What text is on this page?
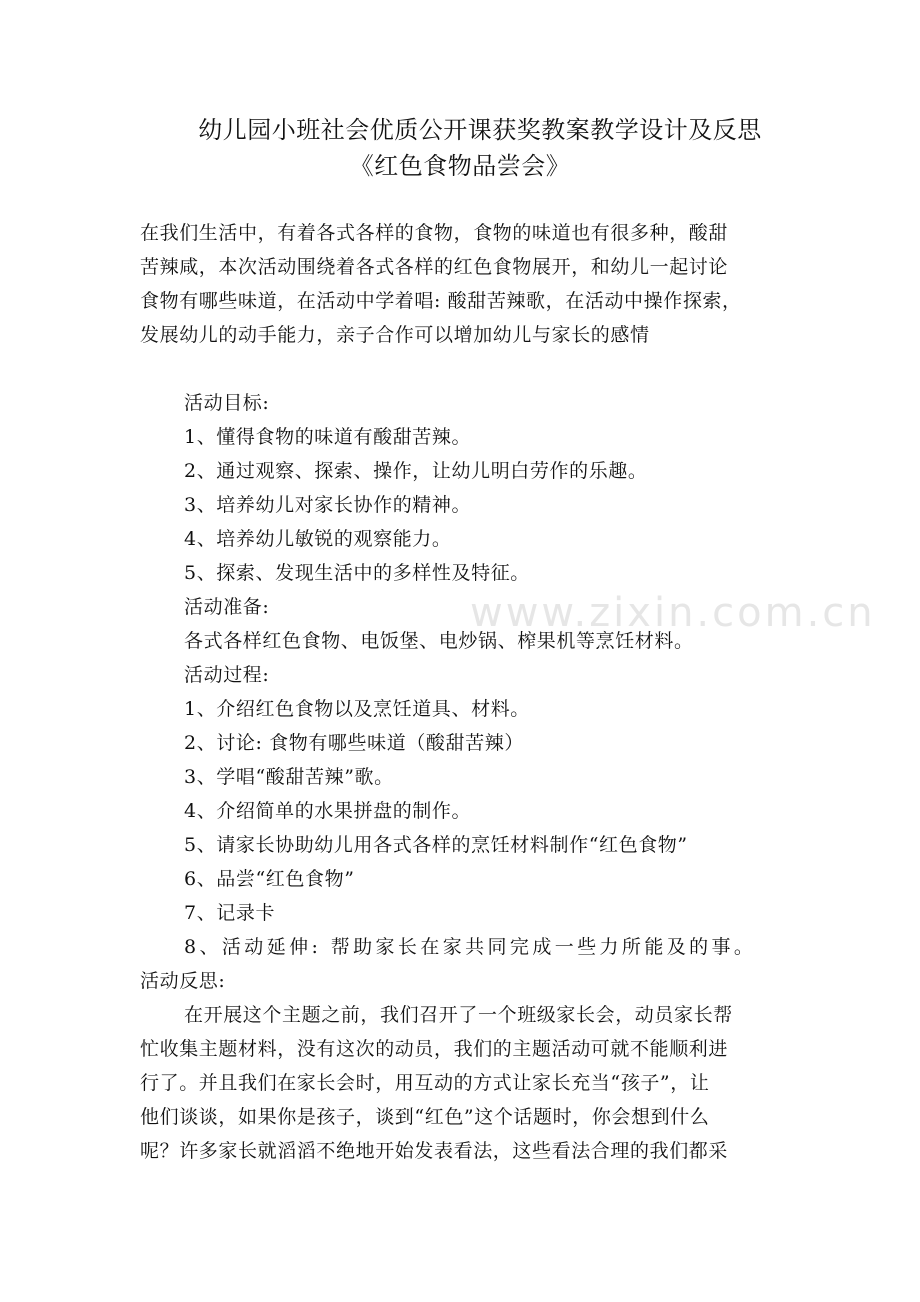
www.zixin.com.cn
幼儿园小班社会优质公开课获奖教案教学设计及反思
《红色食物品尝会》
在我们生活中，有着各式各样的食物，食物的味道也有很多种，酸甜
苦辣咸，本次活动围绕着各式各样的红色食物展开，和幼儿一起讨论
食物有哪些味道，在活动中学着唱: 酸甜苦辣歌，在活动中操作探索，
发展幼儿的动手能力，亲子合作可以增加幼儿与家长的感情
活动目标:
1、懂得食物的味道有酸甜苦辣。
2、通过观察、探索、操作，让幼儿明白劳作的乐趣。
3、培养幼儿对家长协作的精神。
4、培养幼儿敏锐的观察能力。
5、探索、发现生活中的多样性及特征。
活动准备:
各式各样红色食物、电饭堡、电炒锅、榨果机等烹饪材料。
活动过程:
1、介绍红色食物以及烹饪道具、材料。
2、讨论: 食物有哪些味道（酸甜苦辣）
3、学唱“酸甜苦辣”歌。
4、介绍简单的水果拼盘的制作。
5、请家长协助幼儿用各式各样的烹饪材料制作“红色食物”
6、品尝“红色食物”
7、记录卡
8、活动延伸: 帮助家长在家共同完成一些力所能及的事。
活动反思:
在开展这个主题之前，我们召开了一个班级家长会，动员家长帮
忙收集主题材料，没有这次的动员，我们的主题活动可就不能顺利进
行了。并且我们在家长会时，用互动的方式让家长充当“孩子”，让
他们谈谈，如果你是孩子，谈到“红色”这个话题时，你会想到什么
呢？许多家长就滔滔不绝地开始发表看法，这些看法合理的我们都采
